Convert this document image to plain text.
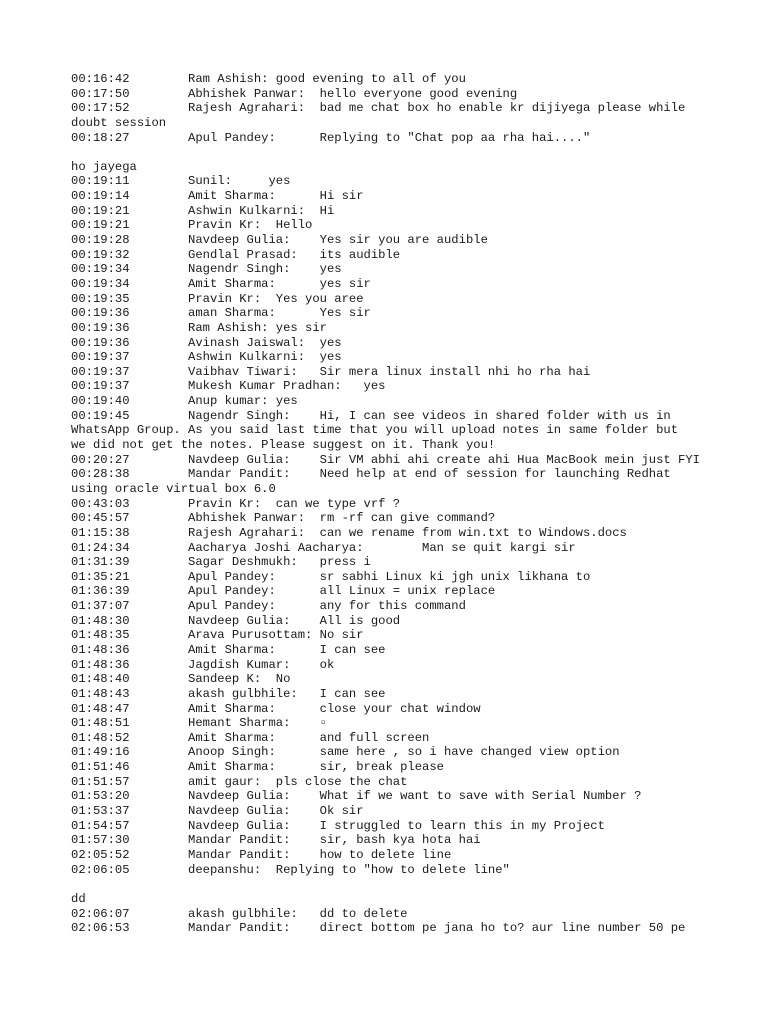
00:16:42        Ram Ashish: good evening to all of you
00:17:50        Abhishek Panwar:  hello everyone good evening
00:17:52        Rajesh Agrahari:  bad me chat box ho enable kr dijiyega please while
doubt session
00:18:27        Apul Pandey:      Replying to "Chat pop aa rha hai...."
ho jayega
00:19:11        Sunil:     yes
00:19:14        Amit Sharma:      Hi sir
00:19:21        Ashwin Kulkarni:  Hi
00:19:21        Pravin Kr:  Hello
00:19:28        Navdeep Gulia:    Yes sir you are audible
00:19:32        Gendlal Prasad:   its audible
00:19:34        Nagendr Singh:    yes
00:19:34        Amit Sharma:      yes sir
00:19:35        Pravin Kr:  Yes you aree
00:19:36        aman Sharma:      Yes sir
00:19:36        Ram Ashish: yes sir
00:19:36        Avinash Jaiswal:  yes
00:19:37        Ashwin Kulkarni:  yes
00:19:37        Vaibhav Tiwari:   Sir mera linux install nhi ho rha hai
00:19:37        Mukesh Kumar Pradhan:   yes
00:19:40        Anup kumar: yes
00:19:45        Nagendr Singh:    Hi, I can see videos in shared folder with us in
WhatsApp Group. As you said last time that you will upload notes in same folder but
we did not get the notes. Please suggest on it. Thank you!
00:20:27        Navdeep Gulia:    Sir VM abhi ahi create ahi Hua MacBook mein just FYI
00:28:38        Mandar Pandit:    Need help at end of session for launching Redhat
using oracle virtual box 6.0
00:43:03        Pravin Kr:  can we type vrf ?
00:45:57        Abhishek Panwar:  rm -rf can give command?
01:15:38        Rajesh Agrahari:  can we rename from win.txt to Windows.docs
01:24:34        Aacharya Joshi Aacharya:        Man se quit kargi sir
01:31:39        Sagar Deshmukh:   press i
01:35:21        Apul Pandey:      sr sabhi Linux ki jgh unix likhana to
01:36:39        Apul Pandey:      all Linux = unix replace
01:37:07        Apul Pandey:      any for this command
01:48:30        Navdeep Gulia:    All is good
01:48:35        Arava Purusottam: No sir
01:48:36        Amit Sharma:      I can see
01:48:36        Jagdish Kumar:    ok
01:48:40        Sandeep K:  No
01:48:43        akash gulbhile:   I can see
01:48:47        Amit Sharma:      close your chat window
01:48:51        Hemant Sharma:    ▫
01:48:52        Amit Sharma:      and full screen
01:49:16        Anoop Singh:      same here , so i have changed view option
01:51:46        Amit Sharma:      sir, break please
01:51:57        amit gaur:  pls close the chat
01:53:20        Navdeep Gulia:    What if we want to save with Serial Number ?
01:53:37        Navdeep Gulia:    Ok sir
01:54:57        Navdeep Gulia:    I struggled to learn this in my Project
01:57:30        Mandar Pandit:    sir, bash kya hota hai
02:05:52        Mandar Pandit:    how to delete line
02:06:05        deepanshu:  Replying to "how to delete line"
dd
02:06:07        akash gulbhile:   dd to delete
02:06:53        Mandar Pandit:    direct bottom pe jana ho to? aur line number 50 pe
